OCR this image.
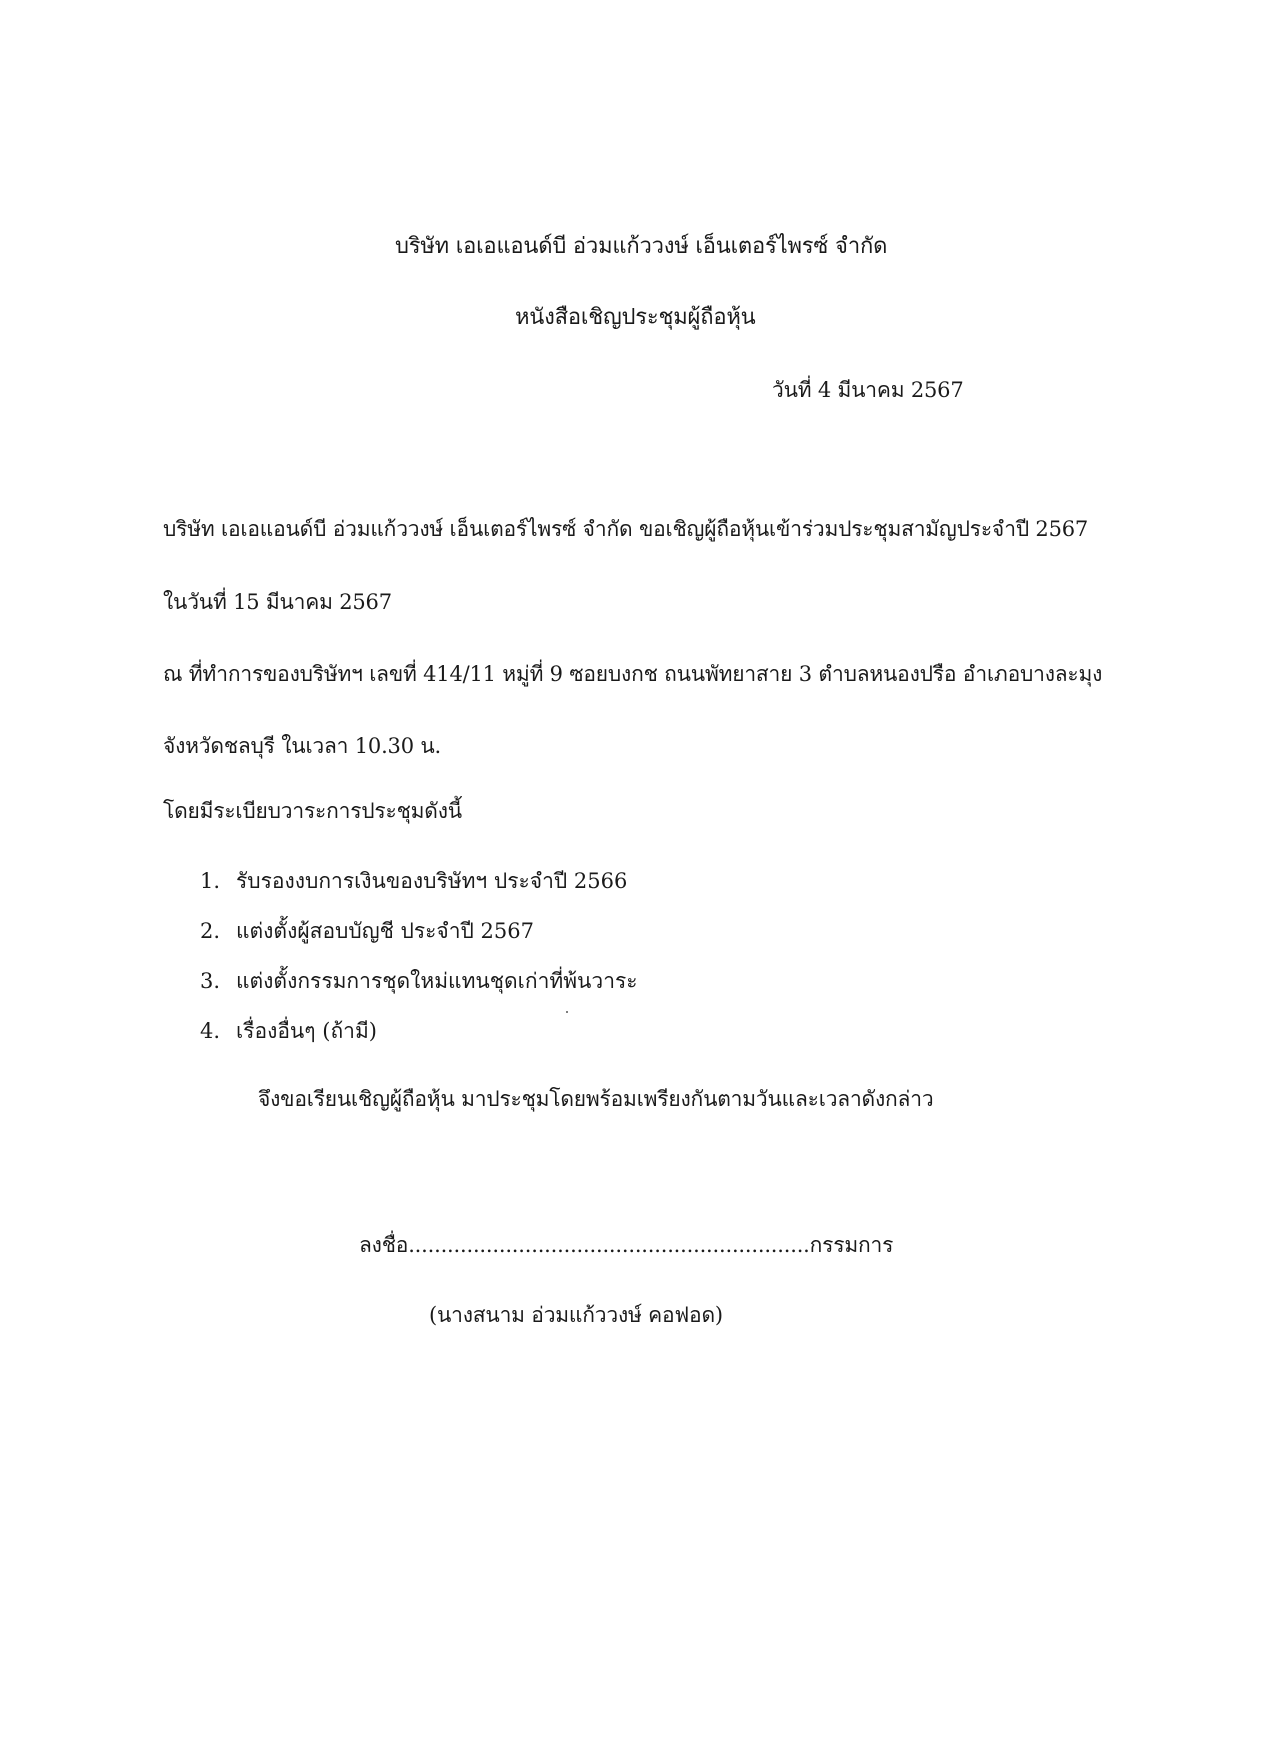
บริษัท เอเอแอนด์บี อ่วมแก้ววงษ์ เอ็นเตอร์ไพรซ์ จำกัด
หนังสือเชิญประชุมผู้ถือหุ้น
วันที่ 4 มีนาคม 2567
บริษัท เอเอแอนด์บี อ่วมแก้ววงษ์ เอ็นเตอร์ไพรซ์ จำกัด ขอเชิญผู้ถือหุ้นเข้าร่วมประชุมสามัญประจำปี 2567
ในวันที่ 15 มีนาคม 2567
ณ ที่ทำการของบริษัทฯ เลขที่ 414/11 หมู่ที่ 9 ซอยบงกช ถนนพัทยาสาย 3 ตำบลหนองปรือ อำเภอบางละมุง
จังหวัดชลบุรี ในเวลา 10.30 น.
โดยมีระเบียบวาระการประชุมดังนี้
1. รับรองงบการเงินของบริษัทฯ ประจำปี 2566
2. แต่งตั้งผู้สอบบัญชี ประจำปี 2567
3. แต่งตั้งกรรมการชุดใหม่แทนชุดเก่าที่พ้นวาระ
4. เรื่องอื่นๆ (ถ้ามี)
จึงขอเรียนเชิญผู้ถือหุ้น มาประชุมโดยพร้อมเพรียงกันตามวันและเวลาดังกล่าว
ลงชื่อ..............................................................กรรมการ
(นางสนาม อ่วมแก้ววงษ์ คอฟอด)
